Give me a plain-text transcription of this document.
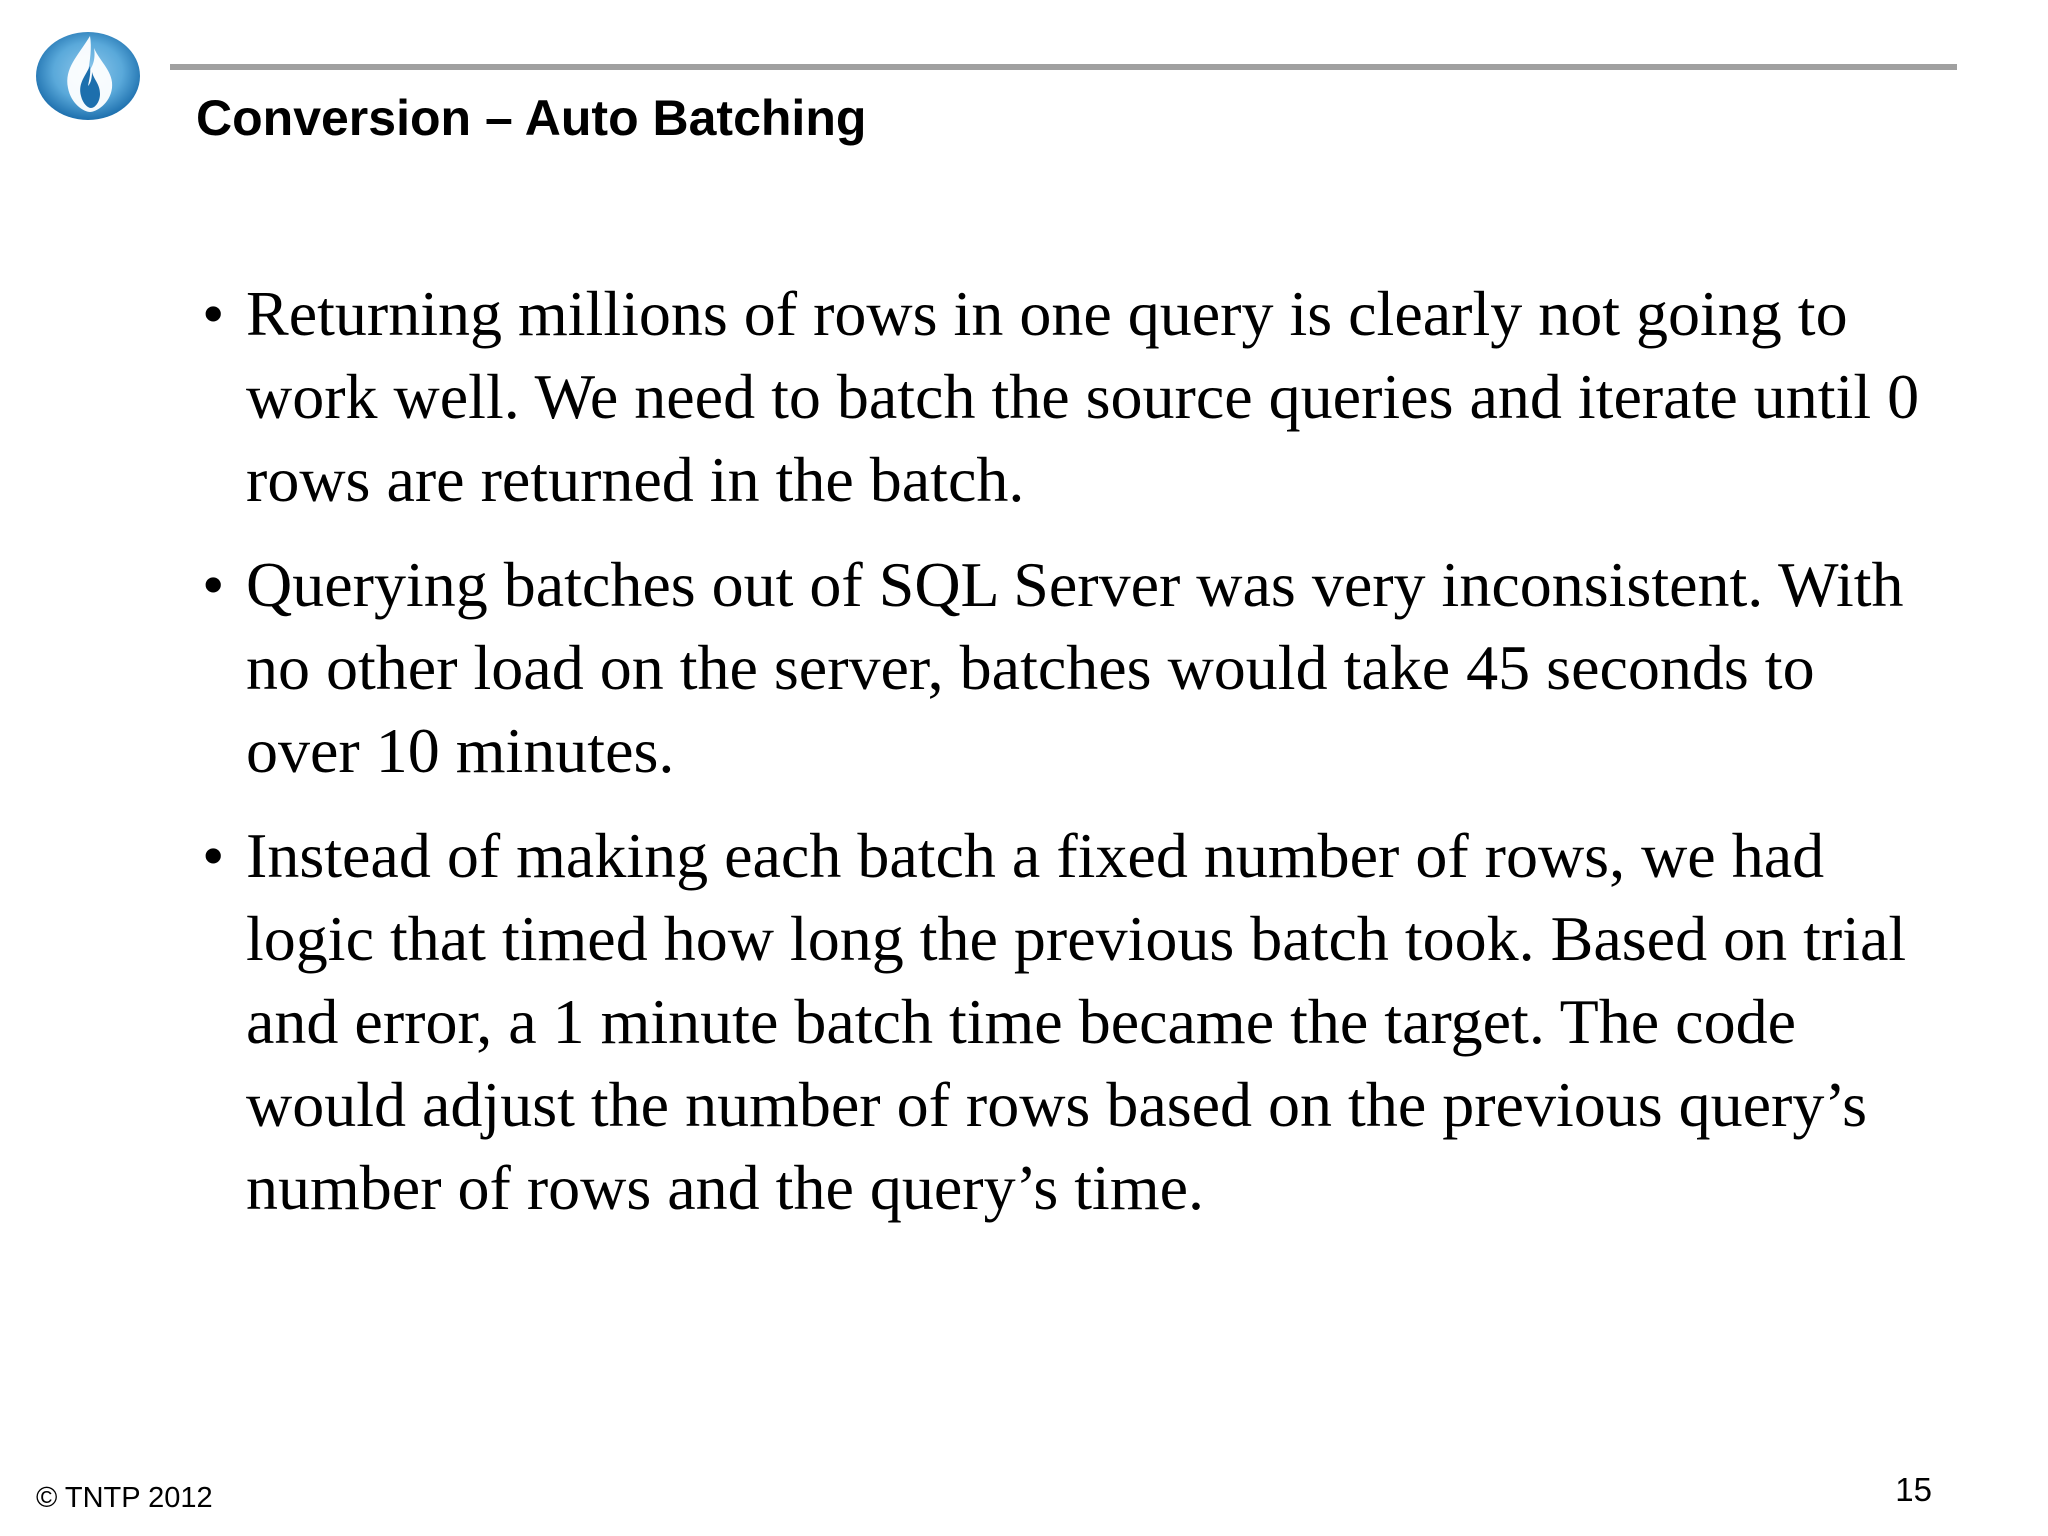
Conversion – Auto Batching
• Returning millions of rows in one query is clearly not going to work well. We need to batch the source queries and iterate until 0 rows are returned in the batch.
• Querying batches out of SQL Server was very inconsistent. With no other load on the server, batches would take 45 seconds to over 10 minutes.
• Instead of making each batch a fixed number of rows, we had logic that timed how long the previous batch took. Based on trial and error, a 1 minute batch time became the target. The code would adjust the number of rows based on the previous query’s number of rows and the query’s time.
© TNTP 2012	15
